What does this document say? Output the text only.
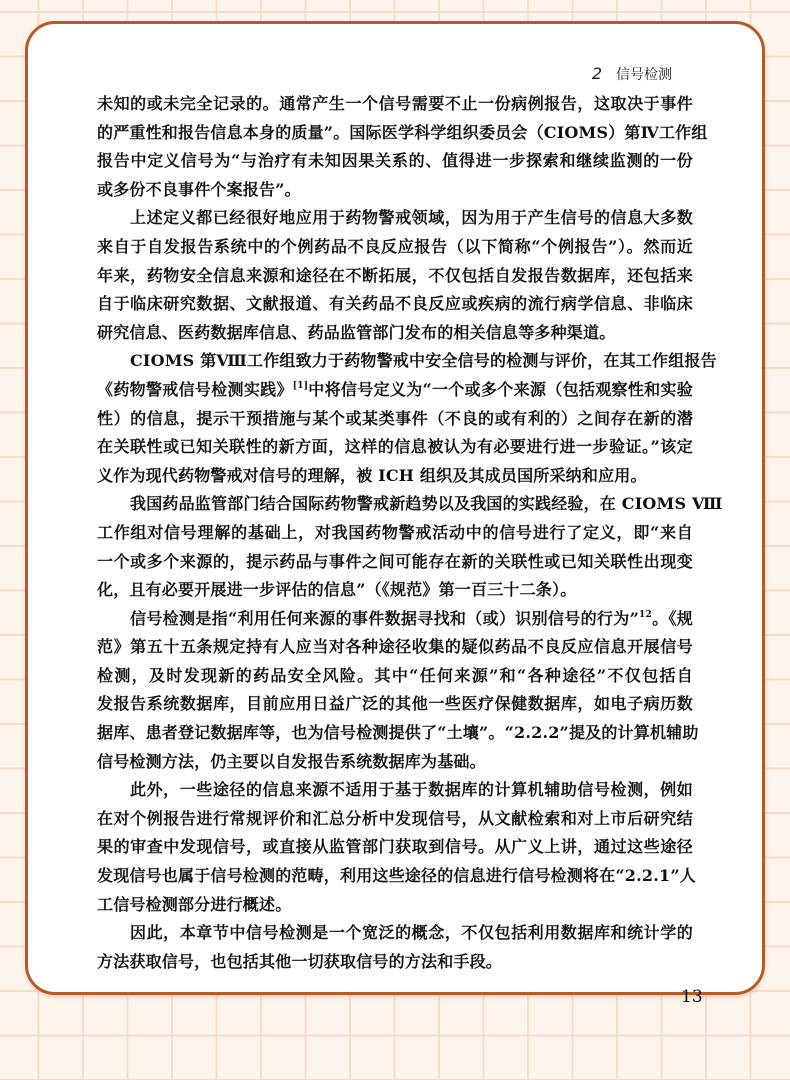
2 信号检测
13
未知的或未完全记录的。通常产生一个信号需要不止一份病例报告，这取决于事件
的严重性和报告信息本身的质量”。国际医学科学组织委员会（CIOMS）第Ⅳ工作组
报告中定义信号为“与治疗有未知因果关系的、值得进一步探索和继续监测的一份
或多份不良事件个案报告”。
上述定义都已经很好地应用于药物警戒领域，因为用于产生信号的信息大多数
来自于自发报告系统中的个例药品不良反应报告（以下简称“个例报告”）。然而近
年来，药物安全信息来源和途径在不断拓展，不仅包括自发报告数据库，还包括来
自于临床研究数据、文献报道、有关药品不良反应或疾病的流行病学信息、非临床
研究信息、医药数据库信息、药品监管部门发布的相关信息等多种渠道。
CIOMS 第Ⅷ工作组致力于药物警戒中安全信号的检测与评价，在其工作组报告
《药物警戒信号检测实践》[1]中将信号定义为“一个或多个来源（包括观察性和实验
性）的信息，提示干预措施与某个或某类事件（不良的或有利的）之间存在新的潜
在关联性或已知关联性的新方面，这样的信息被认为有必要进行进一步验证。”该定
义作为现代药物警戒对信号的理解，被 ICH 组织及其成员国所采纳和应用。
我国药品监管部门结合国际药物警戒新趋势以及我国的实践经验，在 CIOMS Ⅷ
工作组对信号理解的基础上，对我国药物警戒活动中的信号进行了定义，即“来自
一个或多个来源的，提示药品与事件之间可能存在新的关联性或已知关联性出现变
化，且有必要开展进一步评估的信息”（《规范》第一百三十二条）。
信号检测是指“利用任何来源的事件数据寻找和（或）识别信号的行为”$^{12}$。《规
范》第五十五条规定持有人应当对各种途径收集的疑似药品不良反应信息开展信号
检测，及时发现新的药品安全风险。其中“任何来源”和“各种途径”不仅包括自
发报告系统数据库，目前应用日益广泛的其他一些医疗保健数据库，如电子病历数
据库、患者登记数据库等，也为信号检测提供了“土壤”。“2.2.2”提及的计算机辅助
信号检测方法，仍主要以自发报告系统数据库为基础。
此外，一些途径的信息来源不适用于基于数据库的计算机辅助信号检测，例如
在对个例报告进行常规评价和汇总分析中发现信号，从文献检索和对上市后研究结
果的审查中发现信号，或直接从监管部门获取到信号。从广义上讲，通过这些途径
发现信号也属于信号检测的范畴，利用这些途径的信息进行信号检测将在“2.2.1”人
工信号检测部分进行概述。
因此，本章节中信号检测是一个宽泛的概念，不仅包括利用数据库和统计学的
方法获取信号，也包括其他一切获取信号的方法和手段。
